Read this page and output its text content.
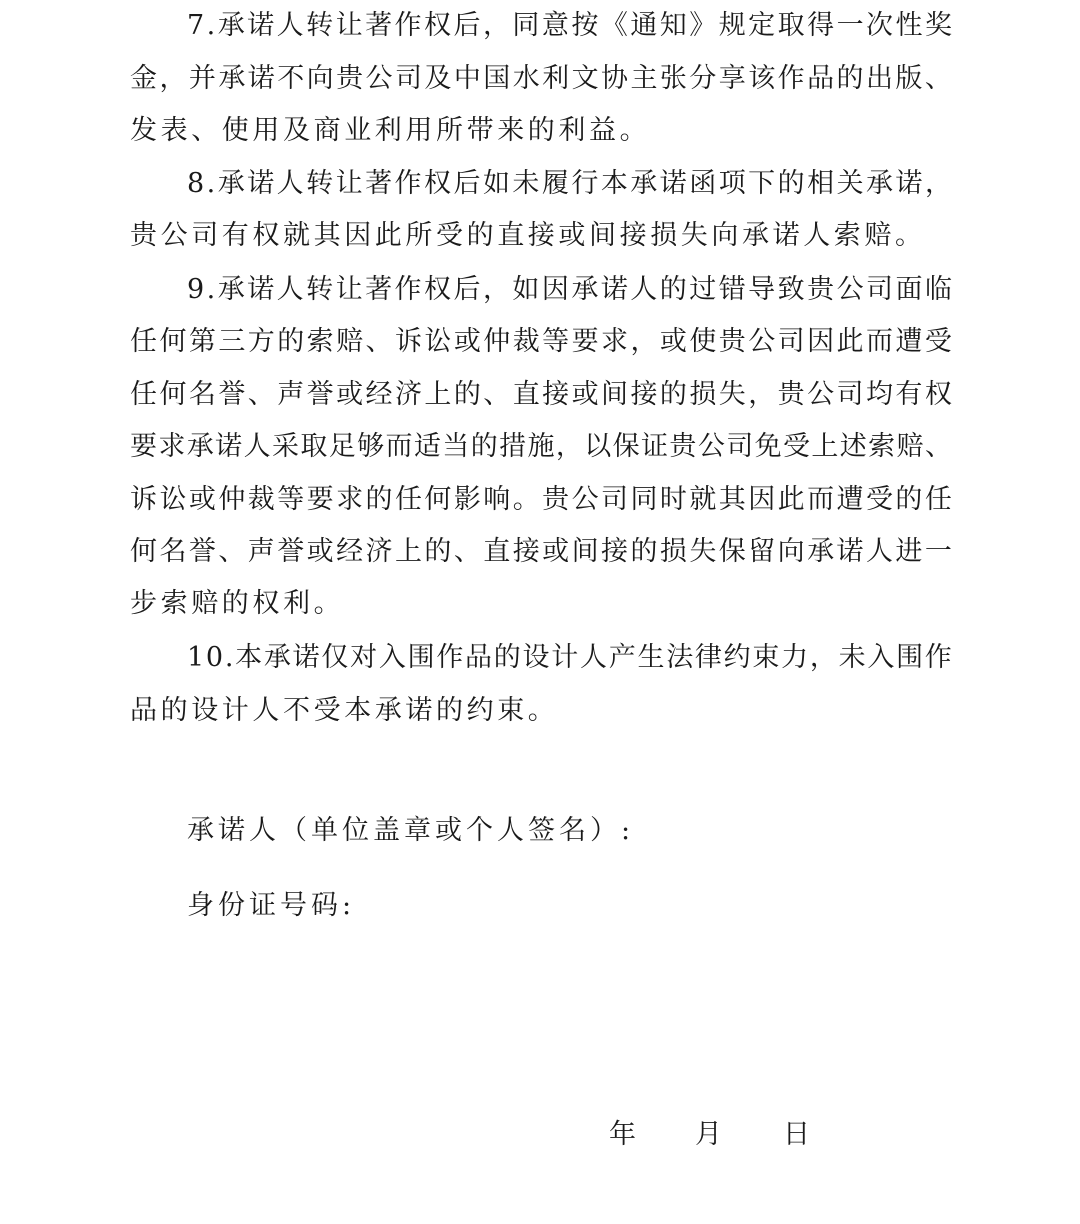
7 . 承 诺 人 转 让 著 作 权 后 ， 同 意 按 《 通 知 》 规 定 取 得 一 次 性 奖
金 ， 并 承 诺 不 向 贵 公 司 及 中 国 水 利 文 协 主 张 分 享 该 作 品 的 出 版 、
发表、使用及商业利用所带来的利益。
8 . 承 诺 人 转 让 著 作 权 后 如 未 履 行 本 承 诺 函 项 下 的 相 关 承 诺 ，
贵公司有权就其因此所受的直接或间接损失向承诺人索赔。
9 . 承 诺 人 转 让 著 作 权 后 ， 如 因 承 诺 人 的 过 错 导 致 贵 公 司 面 临
任 何 第 三 方 的 索 赔 、 诉 讼 或 仲 裁 等 要 求 ， 或 使 贵 公 司 因 此 而 遭 受
任 何 名 誉 、 声 誉 或 经 济 上 的 、 直 接 或 间 接 的 损 失 ， 贵 公 司 均 有 权
要 求 承 诺 人 采 取 足 够 而 适 当 的 措 施 ， 以 保 证 贵 公 司 免 受 上 述 索 赔 、
诉 讼 或 仲 裁 等 要 求 的 任 何 影 响 。 贵 公 司 同 时 就 其 因 此 而 遭 受 的 任
何 名 誉 、 声 誉 或 经 济 上 的 、 直 接 或 间 接 的 损 失 保 留 向 承 诺 人 进 一
步索赔的权利。
1 0 . 本 承 诺 仅 对 入 围 作 品 的 设 计 人 产 生 法 律 约 束 力 ， 未 入 围 作
品的设计人不受本承诺的约束。
承诺人（单位盖章或个人签名）:
身份证号码:
年 月 日
